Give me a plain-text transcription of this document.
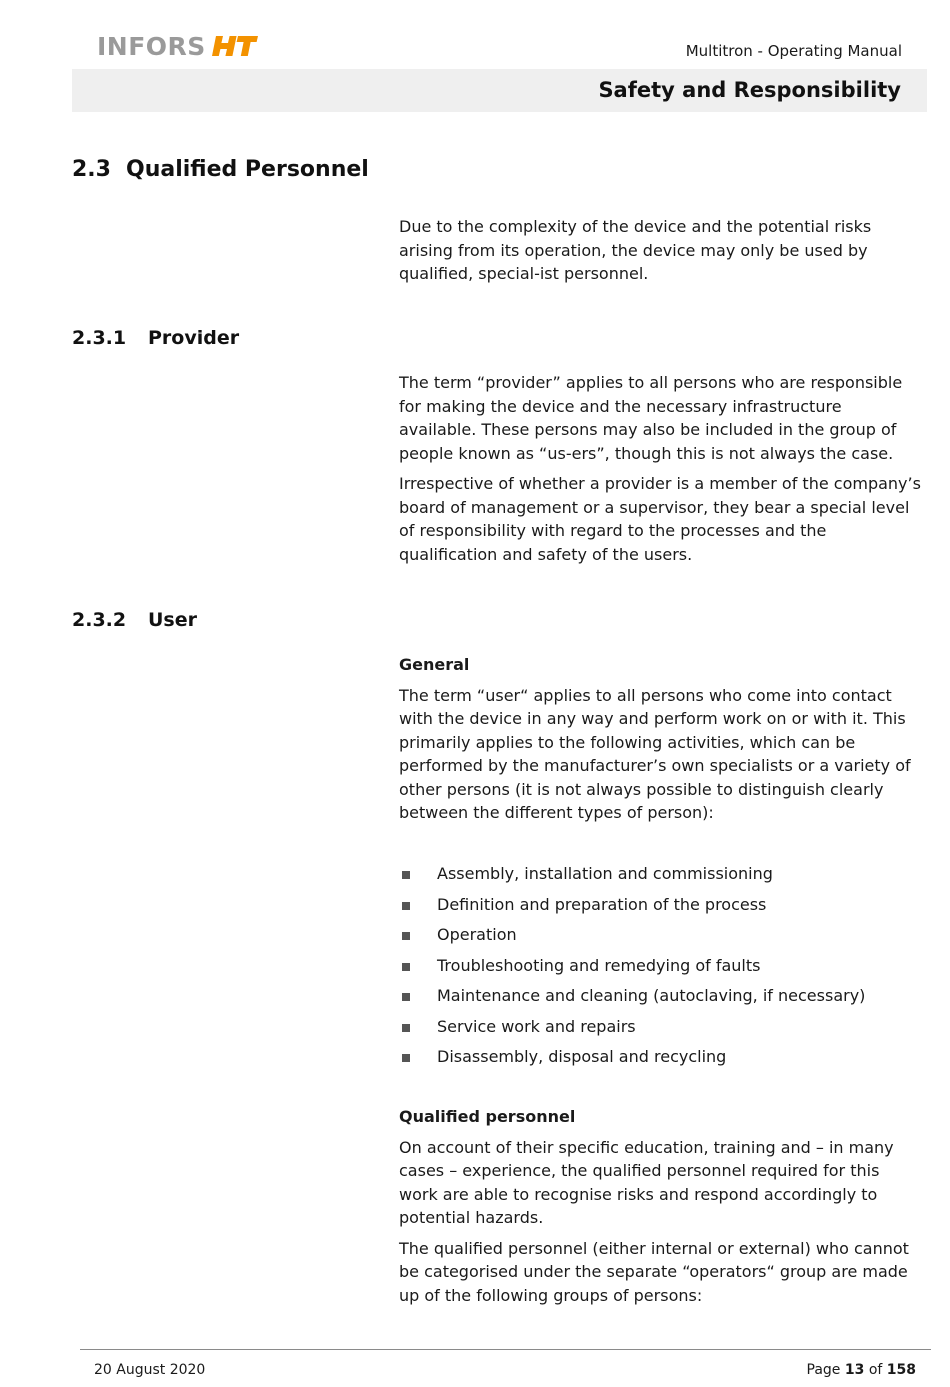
INFORS	Multitron - Operating Manual
Safety and Responsibility
2.3 Qualified Personnel

Due to the complexity of the device and the potential risks arising from its operation, the device may only be used by qualified, special-ist personnel.

2.3.1 Provider

The term “provider” applies to all persons who are responsible for making the device and the necessary infrastructure available. These persons may also be included in the group of people known as “us-ers”, though this is not always the case.

Irrespective of whether a provider is a member of the company’s board of management or a supervisor, they bear a special level of responsibility with regard to the processes and the qualification and safety of the users.

2.3.2 User
General

The term “user“ applies to all persons who come into contact with the device in any way and perform work on or with it. This primarily applies to the following activities, which can be performed by the manufacturer’s own specialists or a variety of other persons (it is not always possible to distinguish clearly between the different types of person):

Assembly, installation and commissioning
Definition and preparation of the process
Operation
Troubleshooting and remedying of faults
Maintenance and cleaning (autoclaving, if necessary)
Service work and repairs
Disassembly, disposal and recycling
Qualified personnel

On account of their specific education, training and – in many cases – experience, the qualified personnel required for this work are able to recognise risks and respond accordingly to potential hazards.

The qualified personnel (either internal or external) who cannot be categorised under the separate “operators“ group are made up of the following groups of persons:

20 August 2020	Page 13 of 158
